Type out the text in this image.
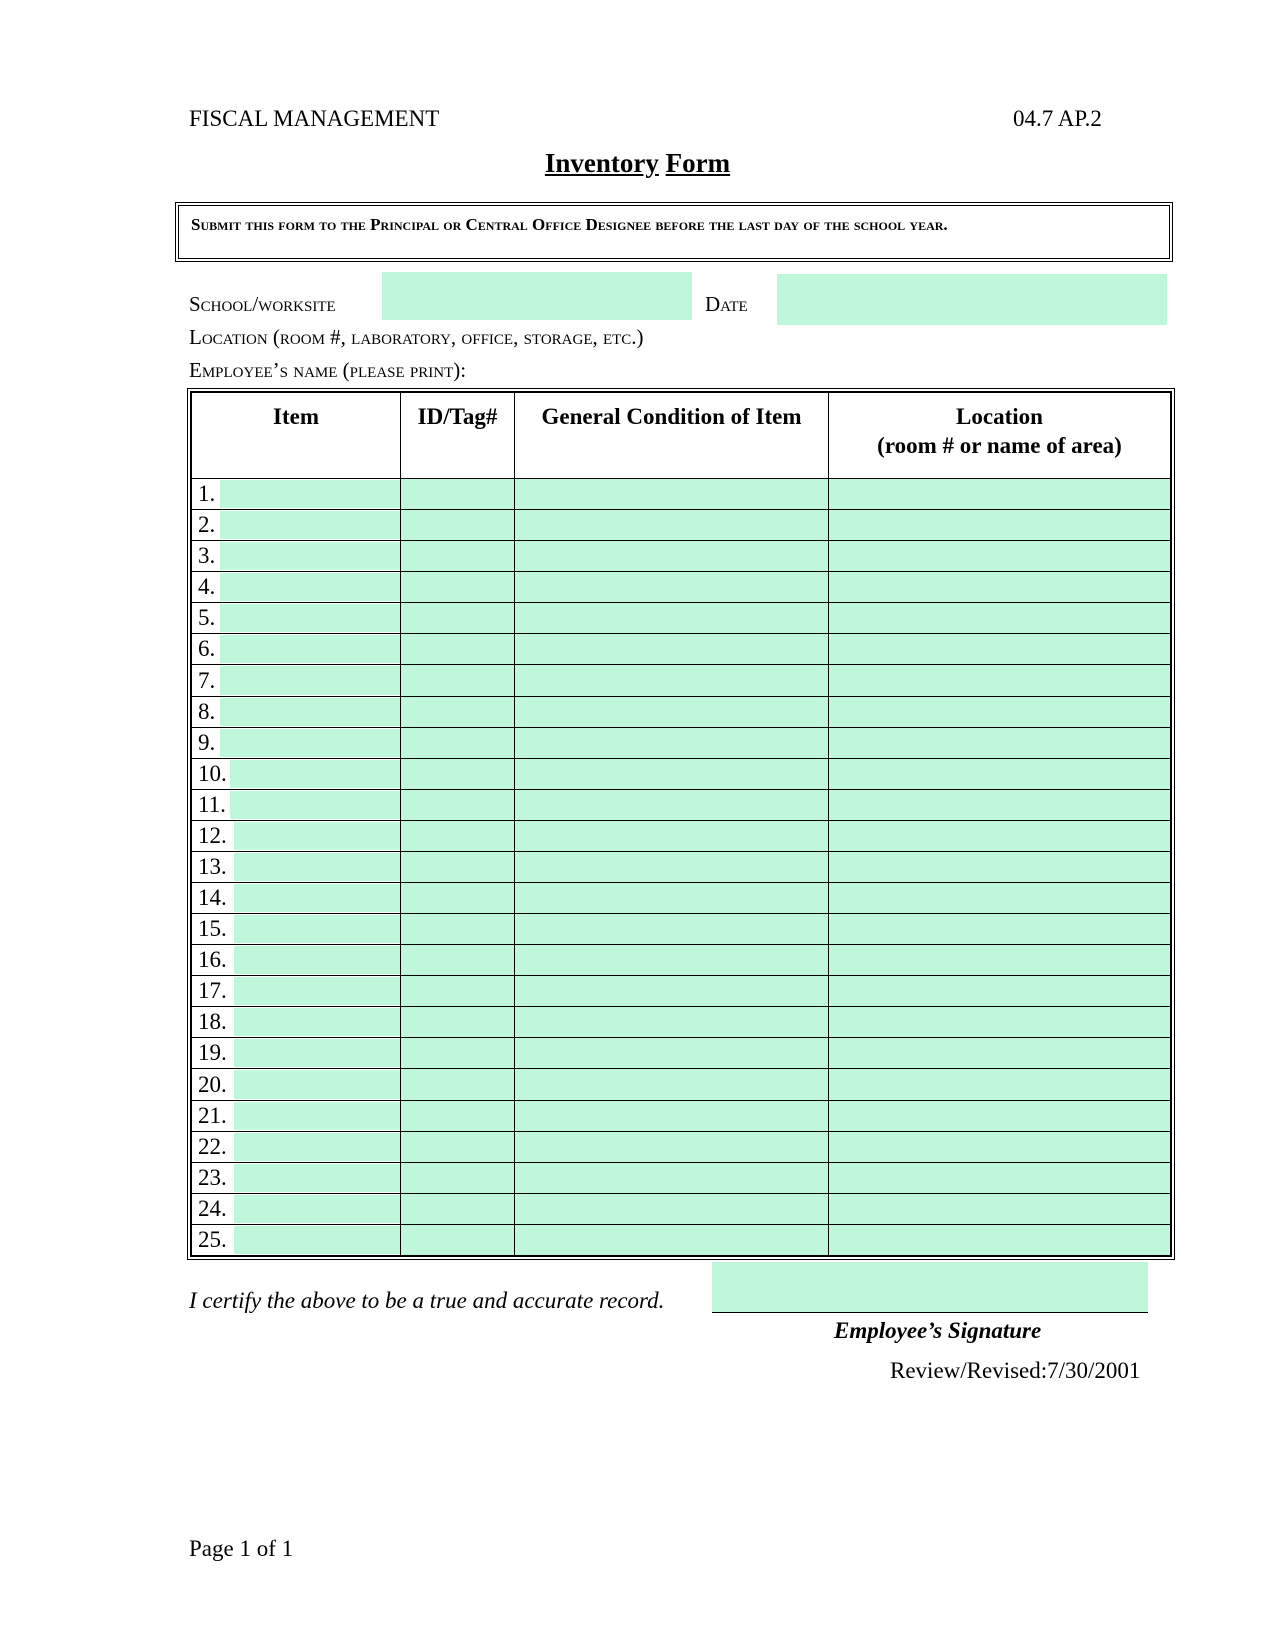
FISCAL MANAGEMENT	04.7 AP.2
Inventory Form
Submit this form to the Principal or Central Office Designee before the last day of the school year.
School/worksite	Date
Location (room #, laboratory, office, storage, etc.)
Employee’s name (please print):
Item	ID/Tag#	General Condition of Item	Location
(room # or name of area)
1.

2.

3.

4.

5.

6.

7.

8.

9.

10.

11.

12.

13.

14.

15.

16.

17.

18.

19.

20.

21.

22.

23.

24.

25.

I certify the above to be a true and accurate record.
Employee’s Signature
Review/Revised:7/30/2001
Page 1 of 1
